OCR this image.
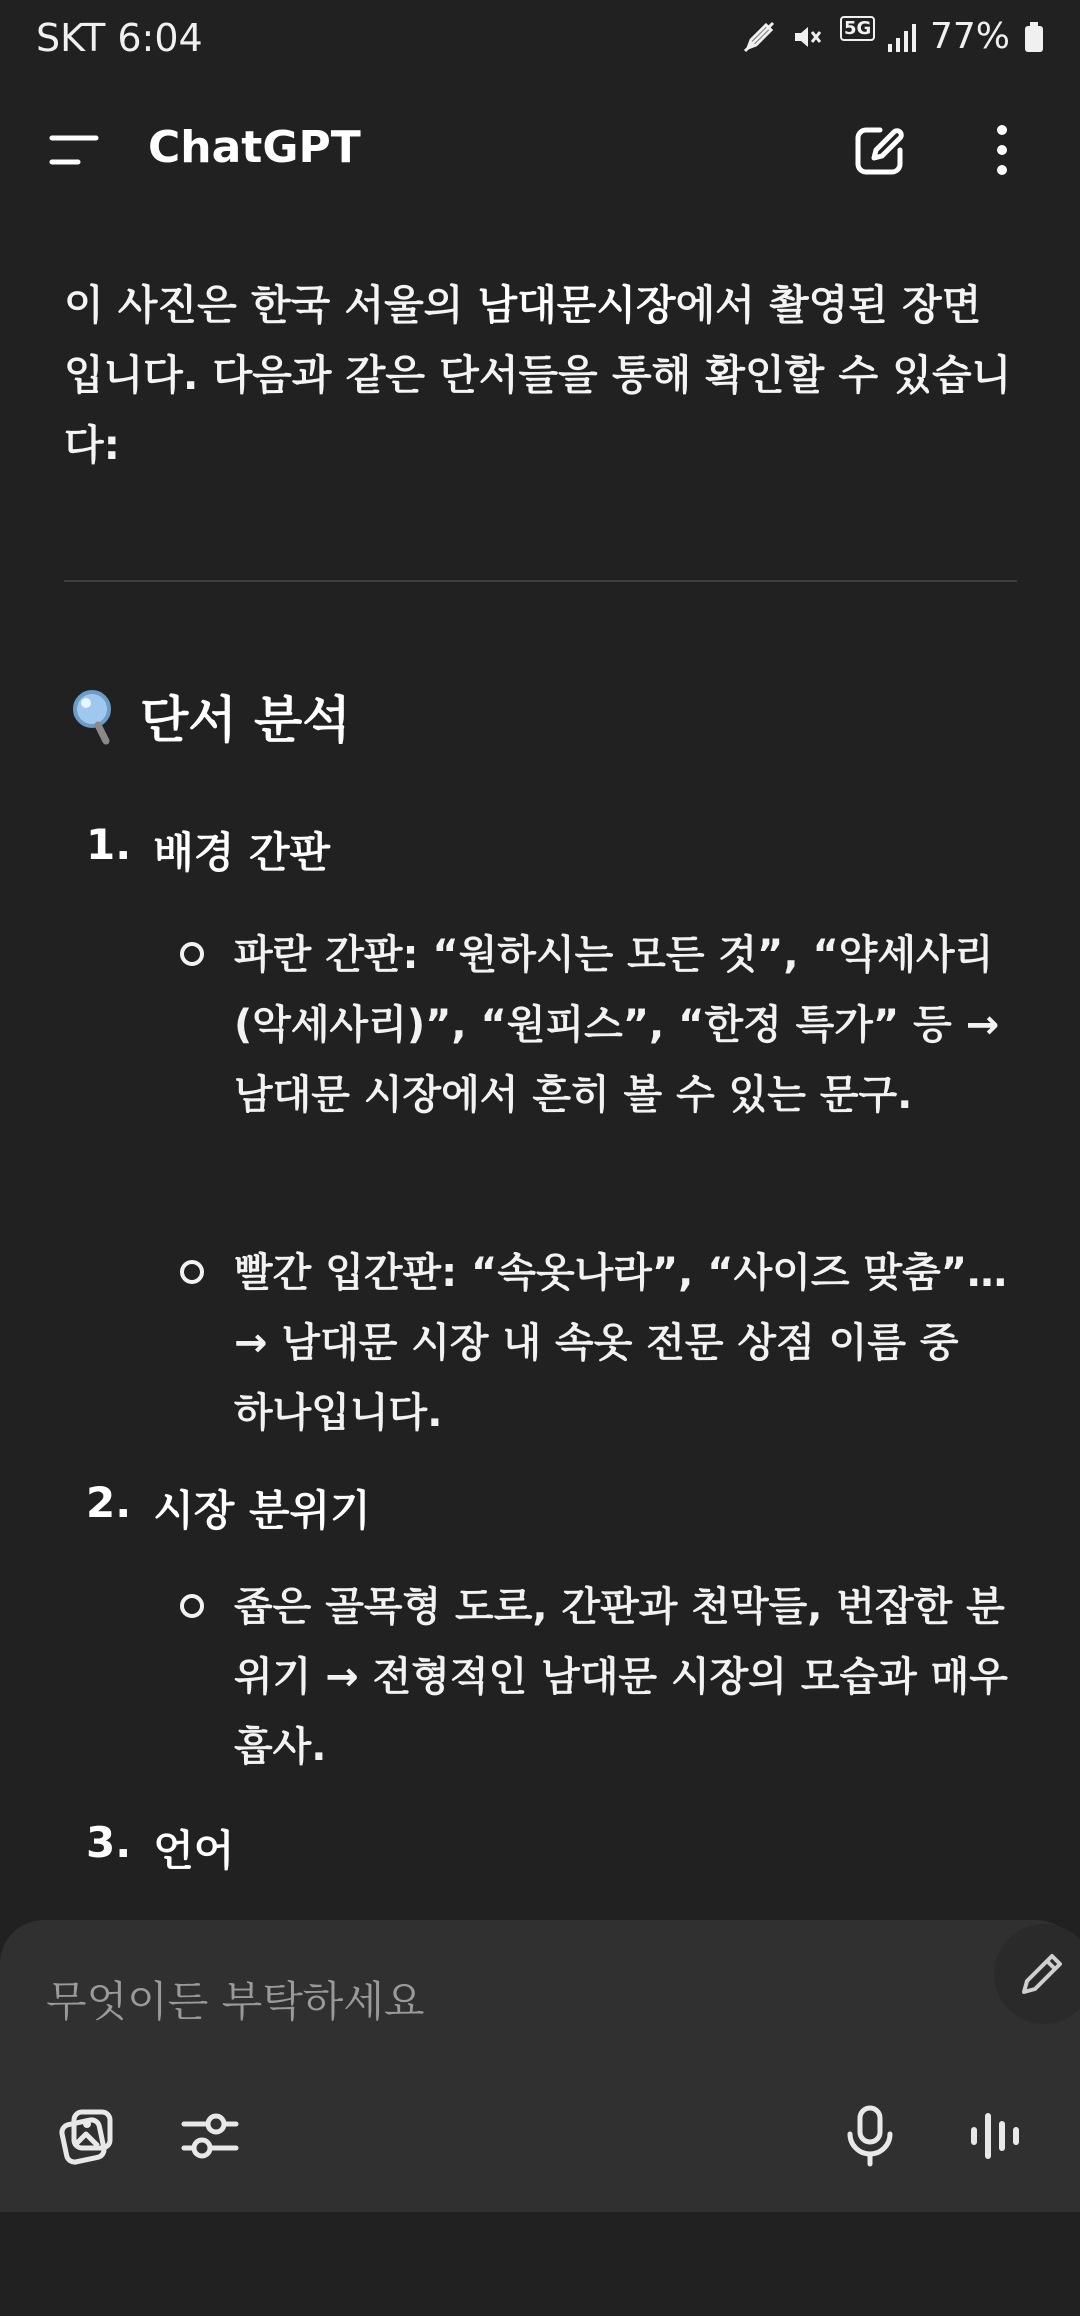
SKT 6:04	5G 77%
ChatGPT

이 사진은 한국 서울의 남대문시장에서 촬영된 장면입니다. 다음과 같은 단서들을 통해 확인할 수 있습니다:

단서 분석
1. 배경 간판
파란 간판: “원하시는 모든 것”, “약세사리(악세사리)”, “원피스”, “한정 특가” 등 → 남대문 시장에서 흔히 볼 수 있는 문구.
빨간 입간판: “속옷나라”, “사이즈 맞춤”… → 남대문 시장 내 속옷 전문 상점 이름 중 하나입니다.
2. 시장 분위기
좁은 골목형 도로, 간판과 천막들, 번잡한 분위기 → 전형적인 남대문 시장의 모습과 매우 흡사.
3. 언어
무엇이든 부탁하세요
